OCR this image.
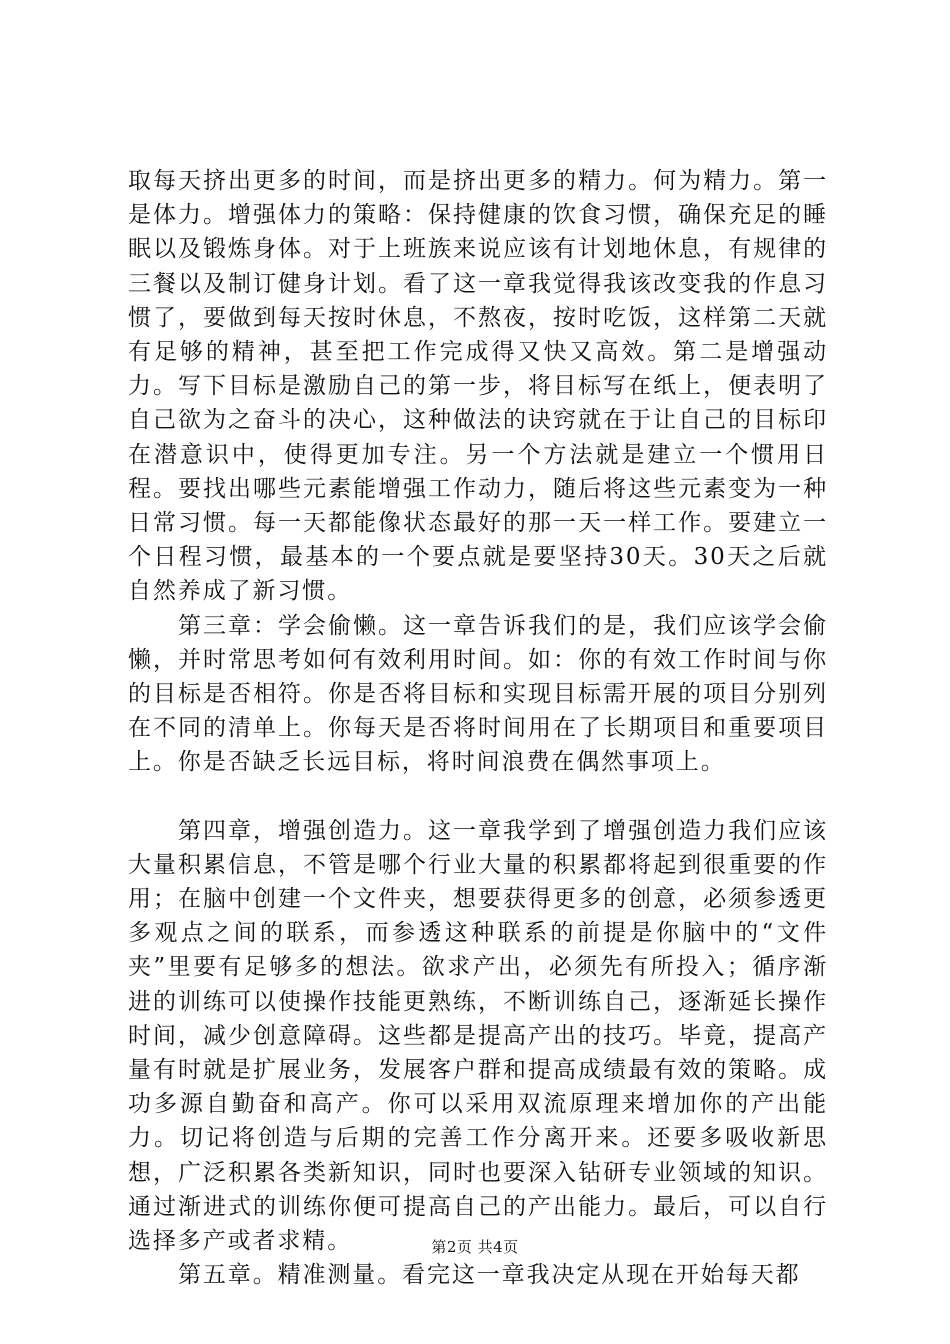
取每天挤出更多的时间，而是挤出更多的精力。何为精力。第一是体力。增强体力的策略：保持健康的饮食习惯，确保充足的睡眠以及锻炼身体。对于上班族来说应该有计划地休息，有规律的三餐以及制订健身计划。看了这一章我觉得我该改变我的作息习惯了，要做到每天按时休息，不熬夜，按时吃饭，这样第二天就有足够的精神，甚至把工作完成得又快又高效。第二是增强动力。写下目标是激励自己的第一步，将目标写在纸上，便表明了自己欲为之奋斗的决心，这种做法的诀窍就在于让自己的目标印在潜意识中，使得更加专注。另一个方法就是建立一个惯用日程。要找出哪些元素能增强工作动力，随后将这些元素变为一种日常习惯。每一天都能像状态最好的那一天一样工作。要建立一个日程习惯，最基本的一个要点就是要坚持30天。30天之后就自然养成了新习惯。

第三章：学会偷懒。这一章告诉我们的是，我们应该学会偷懒，并时常思考如何有效利用时间。如：你的有效工作时间与你的目标是否相符。你是否将目标和实现目标需开展的项目分别列在不同的清单上。你每天是否将时间用在了长期项目和重要项目上。你是否缺乏长远目标，将时间浪费在偶然事项上。

第四章，增强创造力。这一章我学到了增强创造力我们应该大量积累信息，不管是哪个行业大量的积累都将起到很重要的作用；在脑中创建一个文件夹，想要获得更多的创意，必须参透更多观点之间的联系，而参透这种联系的前提是你脑中的“文件夹”里要有足够多的想法。欲求产出，必须先有所投入；循序渐进的训练可以使操作技能更熟练，不断训练自己，逐渐延长操作时间，减少创意障碍。这些都是提高产出的技巧。毕竟，提高产量有时就是扩展业务，发展客户群和提高成绩最有效的策略。成功多源自勤奋和高产。你可以采用双流原理来增加你的产出能力。切记将创造与后期的完善工作分离开来。还要多吸收新思想，广泛积累各类新知识，同时也要深入钻研专业领域的知识。通过渐进式的训练你便可提高自己的产出能力。最后，可以自行选择多产或者求精。

第五章。精准测量。看完这一章我决定从现在开始每天都

第2页 共4页
